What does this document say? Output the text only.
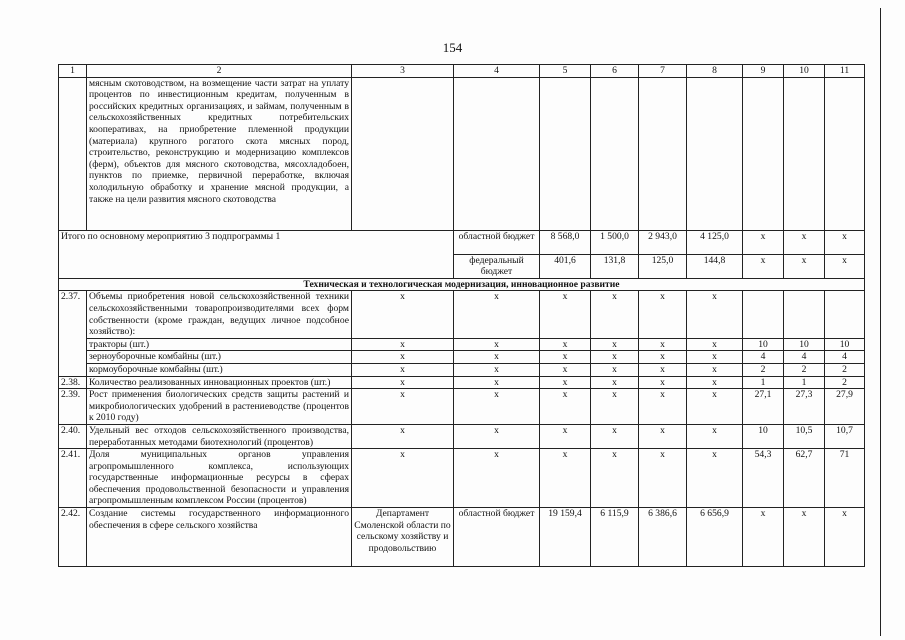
154
1	2	3	4	5	6	7	8	9	10	11
	мясным скотоводством, на возмещение части затрат на уплату процентов по инвестиционным кредитам, полученным в российских кредитных организациях, и займам, полученным в сельскохозяйственных кредитных потребительских кооперативах, на приобретение племенной продукции (материала) крупного рогатого скота мясных пород, строительство, реконструкцию и модернизацию комплексов (ферм), объектов для мясного скотоводства, мясохладобоен, пунктов по приемке, первичной переработке, включая холодильную обработку и хранение мясной продукции, а также на цели развития мясного скотоводства									
Итого по основному мероприятию 3 подпрограммы 1			областной бюджет	8 568,0	1 500,0	2 943,0	4 125,0	х	х	х
			федеральный бюджет	401,6	131,8	125,0	144,8	х	х	х
Техническая и технологическая модернизация, инновационное развитие										
2.37.	Объемы приобретения новой сельскохозяйственной техники сельскохозяйственными товаропроизводителями всех форм собственности (кроме граждан, ведущих личное подсобное хозяйство):	х	х	х	х	х	х			
	тракторы (шт.)	х	х	х	х	х	х	10	10	10
	зерноуборочные комбайны (шт.)	х	х	х	х	х	х	4	4	4
	кормоуборочные комбайны (шт.)	х	х	х	х	х	х	2	2	2
2.38.	Количество реализованных инновационных проектов (шт.)	х	х	х	х	х	х	1	1	2
2.39.	Рост применения биологических средств защиты растений и микробиологических удобрений в растениеводстве (процентов к 2010 году)	х	х	х	х	х	х	27,1	27,3	27,9
2.40.	Удельный вес отходов сельскохозяйственного производства, переработанных методами биотехнологий (процентов)	х	х	х	х	х	х	10	10,5	10,7
2.41.	Доля муниципальных органов управления агропромышленного комплекса, использующих государственные информационные ресурсы в сферах обеспечения продовольственной безопасности и управления агропромышленным комплексом России (процентов)	х	х	х	х	х	х	54,3	62,7	71
2.42.	Создание системы государственного информационного обеспечения в сфере сельского хозяйства	Департамент Смоленской области по сельскому хозяйству и продовольствию	областной бюджет	19 159,4	6 115,9	6 386,6	6 656,9	х	х	х
